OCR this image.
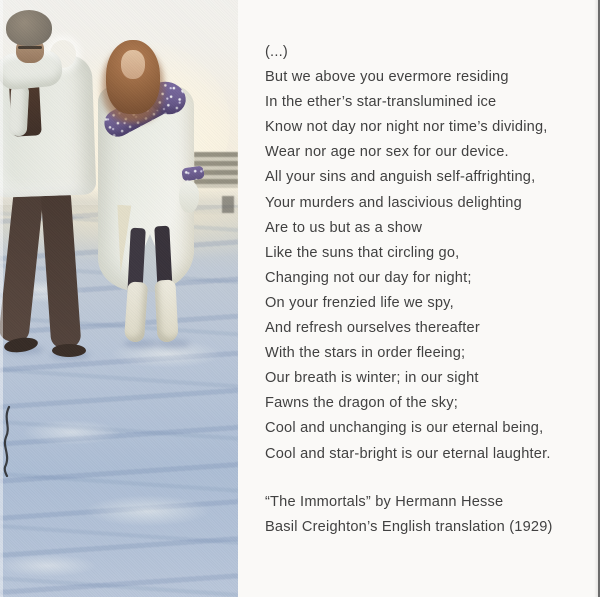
(...)

But we above you evermore residing

In the ether’s star-translumined ice

Know not day nor night nor time’s dividing,

Wear nor age nor sex for our device.

All your sins and anguish self-affrighting,

Your murders and lascivious delighting

Are to us but as a show

Like the suns that circling go,

Changing not our day for night;

On your frenzied life we spy,

And refresh ourselves thereafter

With the stars in order fleeing;

Our breath is winter; in our sight

Fawns the dragon of the sky;

Cool and unchanging is our eternal being,

Cool and star-bright is our eternal laughter.

“The Immortals” by Hermann Hesse

Basil Creighton’s English translation (1929)
